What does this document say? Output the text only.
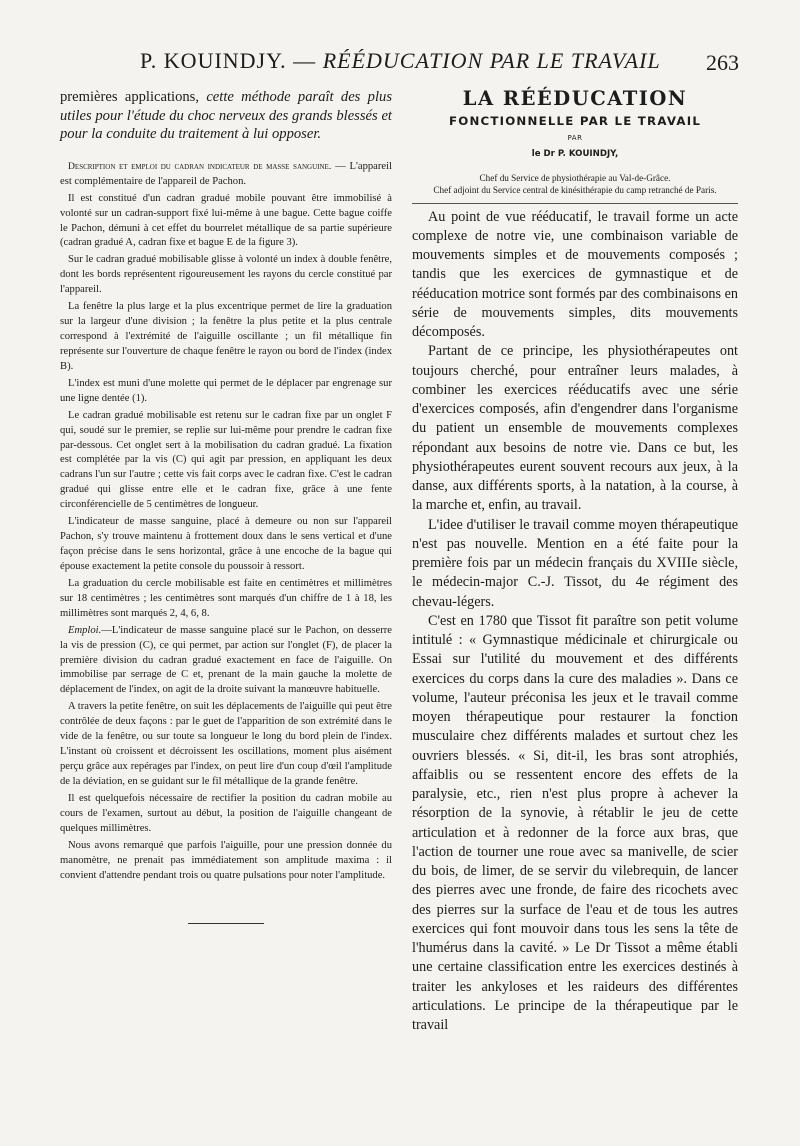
P. KOUINDJY. — RÉÉDUCATION PAR LE TRAVAIL	263

premières applications, cette méthode paraît des plus utiles pour l'étude du choc nerveux des grands blessés et pour la conduite du traitement à lui opposer.

Description et emploi du cadran indicateur de masse sanguine. — L'appareil est complémentaire de l'appareil de Pachon.

Il est constitué d'un cadran gradué mobile pouvant être immobilisé à volonté sur un cadran-support fixé lui-même à une bague. Cette bague coiffe le Pachon, démuni à cet effet du bourrelet métallique de sa partie supérieure (cadran gradué A, cadran fixe et bague E de la figure 3).

Sur le cadran gradué mobilisable glisse à volonté un index à double fenêtre, dont les bords représentent rigoureusement les rayons du cercle constitué par l'appareil.

La fenêtre la plus large et la plus excentrique permet de lire la graduation sur la largeur d'une division ; la fenêtre la plus petite et la plus centrale correspond à l'extrémité de l'aiguille oscillante ; un fil métallique fin représente sur l'ouverture de chaque fenêtre le rayon ou bord de l'index (index B).

L'index est muni d'une molette qui permet de le déplacer par engrenage sur une ligne dentée (1).

Le cadran gradué mobilisable est retenu sur le cadran fixe par un onglet F qui, soudé sur le premier, se replie sur lui-même pour prendre le cadran fixe par-dessous. Cet onglet sert à la mobilisation du cadran gradué. La fixation est complétée par la vis (C) qui agit par pression, en appliquant les deux cadrans l'un sur l'autre ; cette vis fait corps avec le cadran fixe. C'est le cadran gradué qui glisse entre elle et le cadran fixe, grâce à une fente circonférencielle de 5 centimètres de longueur.

L'indicateur de masse sanguine, placé à demeure ou non sur l'appareil Pachon, s'y trouve maintenu à frottement doux dans le sens vertical et d'une façon précise dans le sens horizontal, grâce à une encoche de la bague qui épouse exactement la petite console du poussoir à ressort.

La graduation du cercle mobilisable est faite en centimètres et millimètres sur 18 centimètres ; les centimètres sont marqués d'un chiffre de 1 à 18, les millimètres sont marqués 2, 4, 6, 8.

Emploi.—L'indicateur de masse sanguine placé sur le Pachon, on desserre la vis de pression (C), ce qui permet, par action sur l'onglet (F), de placer la première division du cadran gradué exactement en face de l'aiguille. On immobilise par serrage de C et, prenant de la main gauche la molette de déplacement de l'index, on agit de la droite suivant la manœuvre habituelle.

A travers la petite fenêtre, on suit les déplacements de l'aiguille qui peut être contrôlée de deux façons : par le guet de l'apparition de son extrémité dans le vide de la fenêtre, ou sur toute sa longueur le long du bord plein de l'index. L'instant où croissent et décroissent les oscillations, moment plus aisément perçu grâce aux repérages par l'index, on peut lire d'un coup d'œil l'amplitude de la déviation, en se guidant sur le fil métallique de la grande fenêtre.

Il est quelquefois nécessaire de rectifier la position du cadran mobile au cours de l'examen, surtout au début, la position de l'aiguille changeant de quelques millimètres.

Nous avons remarqué que parfois l'aiguille, pour une pression donnée du manomètre, ne prenait pas immédiatement son amplitude maxima : il convient d'attendre pendant trois ou quatre pulsations pour noter l'amplitude.

LA RÉÉDUCATION
FONCTIONNELLE PAR LE TRAVAIL
PAR
le Dr P. KOUINDJY,
Chef du Service de physiothérapie au Val-de-Grâce.
Chef adjoint du Service central de kinésithérapie du camp retranché de Paris.

Au point de vue rééducatif, le travail forme un acte complexe de notre vie, une combinaison variable de mouvements simples et de mouvements composés ; tandis que les exercices de gymnastique et de rééducation motrice sont formés par des combinaisons en série de mouvements simples, dits mouvements décomposés.

Partant de ce principe, les physiothérapeutes ont toujours cherché, pour entraîner leurs malades, à combiner les exercices rééducatifs avec une série d'exercices composés, afin d'engendrer dans l'organisme du patient un ensemble de mouvements complexes répondant aux besoins de notre vie. Dans ce but, les physiothérapeutes eurent souvent recours aux jeux, à la danse, aux différents sports, à la natation, à la course, à la marche et, enfin, au travail.

L'idee d'utiliser le travail comme moyen thérapeutique n'est pas nouvelle. Mention en a été faite pour la première fois par un médecin français du XVIIIe siècle, le médecin-major C.-J. Tissot, du 4e régiment des chevau-légers.

C'est en 1780 que Tissot fit paraître son petit volume intitulé : « Gymnastique médicinale et chirurgicale ou Essai sur l'utilité du mouvement et des différents exercices du corps dans la cure des maladies ». Dans ce volume, l'auteur préconisa les jeux et le travail comme moyen thérapeutique pour restaurer la fonction musculaire chez différents malades et surtout chez les ouvriers blessés. « Si, dit-il, les bras sont atrophiés, affaiblis ou se ressentent encore des effets de la paralysie, etc., rien n'est plus propre à achever la résorption de la synovie, à rétablir le jeu de cette articulation et à redonner de la force aux bras, que l'action de tourner une roue avec sa manivelle, de scier du bois, de limer, de se servir du vilebrequin, de lancer des pierres avec une fronde, de faire des ricochets avec des pierres sur la surface de l'eau et de tous les autres exercices qui font mouvoir dans tous les sens la tête de l'humérus dans la cavité. » Le Dr Tissot a même établi une certaine classification entre les exercices destinés à traiter les ankyloses et les raideurs des différentes articulations. Le principe de la thérapeutique par le travail
